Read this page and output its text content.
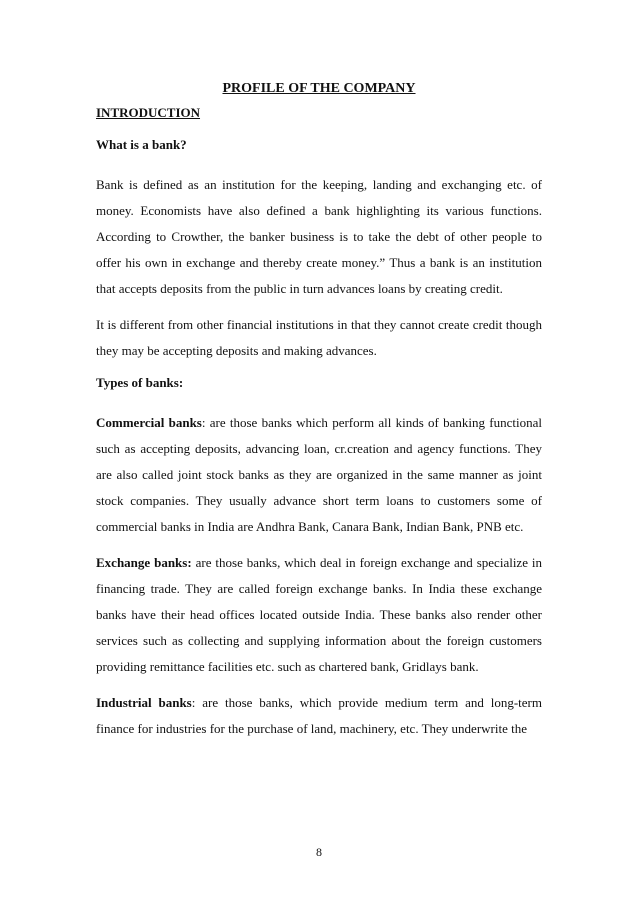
PROFILE OF THE COMPANY
INTRODUCTION
What is a bank?

Bank is defined as an institution for the keeping, landing and exchanging etc. of money. Economists have also defined a bank highlighting its various functions. According to Crowther, the banker business is to take the debt of other people to offer his own in exchange and thereby create money.” Thus a bank is an institution that accepts deposits from the public in turn advances loans by creating credit.

It is different from other financial institutions in that they cannot create credit though they may be accepting deposits and making advances.

Types of banks:

Commercial banks: are those banks which perform all kinds of banking functional such as accepting deposits, advancing loan, cr.creation and agency functions. They are also called joint stock banks as they are organized in the same manner as joint stock companies. They usually advance short term loans to customers some of commercial banks in India are Andhra Bank, Canara Bank, Indian Bank, PNB etc.

Exchange banks: are those banks, which deal in foreign exchange and specialize in financing trade. They are called foreign exchange banks. In India these exchange banks have their head offices located outside India. These banks also render other services such as collecting and supplying information about the foreign customers providing remittance facilities etc. such as chartered bank, Gridlays bank.

Industrial banks: are those banks, which provide medium term and long-term finance for industries for the purchase of land, machinery, etc. They underwrite the

8
